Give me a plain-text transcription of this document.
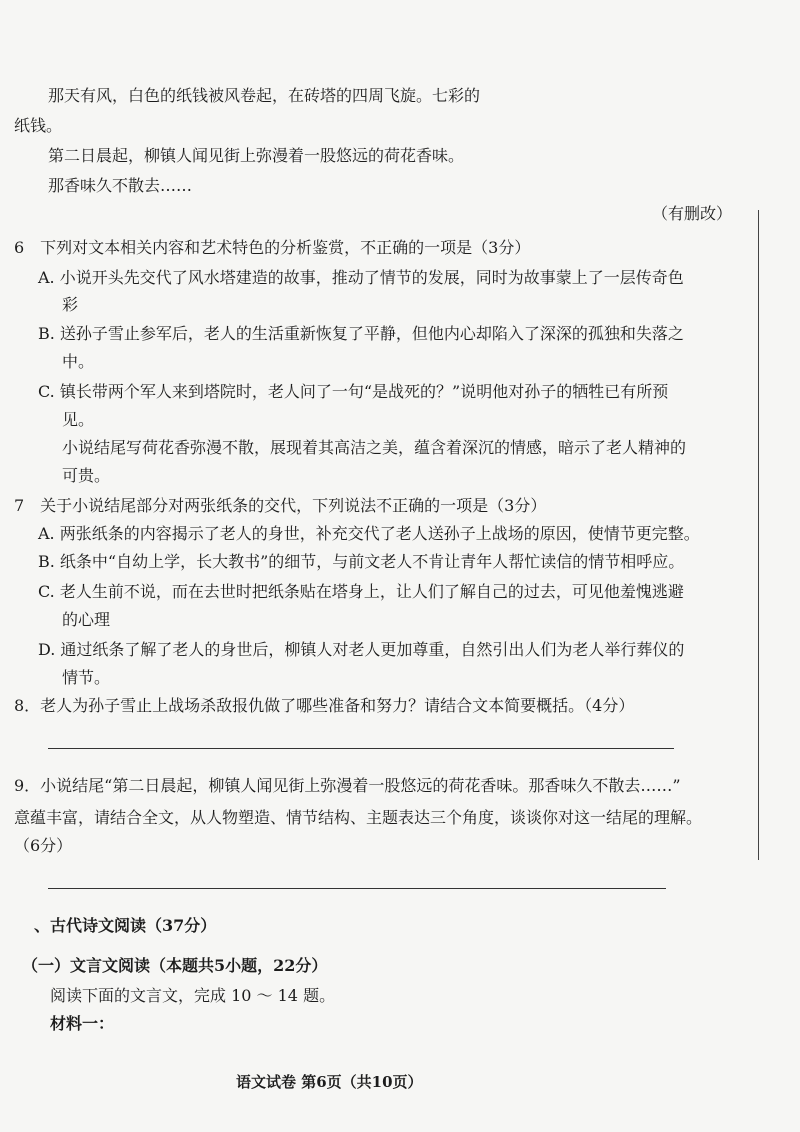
那天有风，白色的纸钱被风卷起，在砖塔的四周飞旋。七彩的
纸钱。
第二日晨起，柳镇人闻见街上弥漫着一股悠远的荷花香味。
那香味久不散去……
（有删改）
6　下列对文本相关内容和艺术特色的分析鉴赏，不正确的一项是（3分）
A. 小说开头先交代了风水塔建造的故事，推动了情节的发展，同时为故事蒙上了一层传奇色
彩
B. 送孙子雪止参军后，老人的生活重新恢复了平静，但他内心却陷入了深深的孤独和失落之
中。
C. 镇长带两个军人来到塔院时，老人问了一句“是战死的？”说明他对孙子的牺牲已有所预
见。
小说结尾写荷花香弥漫不散，展现着其高洁之美，蕴含着深沉的情感，暗示了老人精神的
可贵。
7　关于小说结尾部分对两张纸条的交代，下列说法不正确的一项是（3分）
A. 两张纸条的内容揭示了老人的身世，补充交代了老人送孙子上战场的原因，使情节更完整。
B. 纸条中“自幼上学，长大教书”的细节，与前文老人不肯让青年人帮忙读信的情节相呼应。
C. 老人生前不说，而在去世时把纸条贴在塔身上，让人们了解自己的过去，可见他羞愧逃避
的心理
D. 通过纸条了解了老人的身世后，柳镇人对老人更加尊重，自然引出人们为老人举行葬仪的
情节。
8．老人为孙子雪止上战场杀敌报仇做了哪些准备和努力？请结合文本简要概括。（4分）
9．小说结尾“第二日晨起，柳镇人闻见街上弥漫着一股悠远的荷花香味。那香味久不散去……”
意蕴丰富，请结合全文，从人物塑造、情节结构、主题表达三个角度，谈谈你对这一结尾的理解。
（6分）
、古代诗文阅读（37分）
（一）文言文阅读（本题共5小题，22分）
阅读下面的文言文，完成 10 ～ 14 题。
材料一：
语文试卷 第6页（共10页）
